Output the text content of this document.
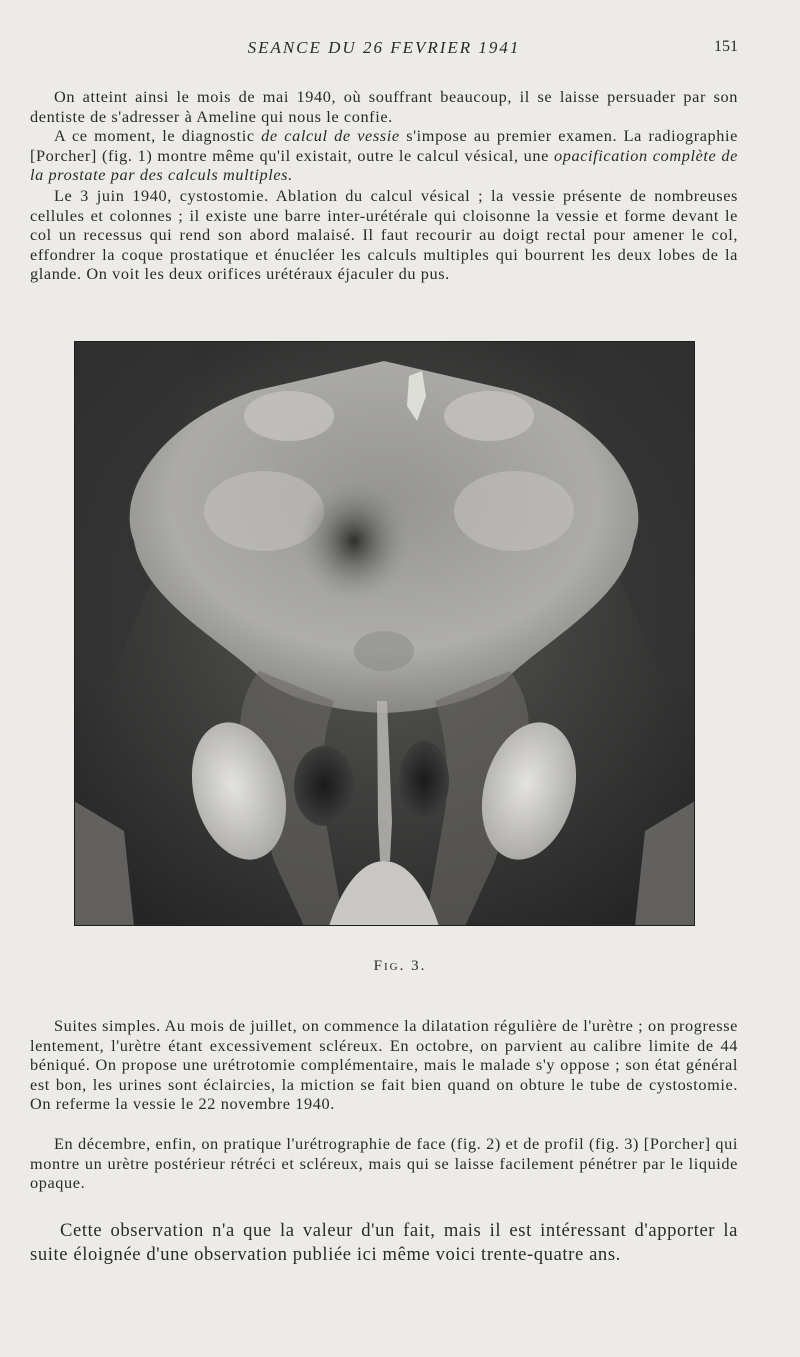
SEANCE DU 26 FEVRIER 1941	151

On atteint ainsi le mois de mai 1940, où souffrant beaucoup, il se laisse persuader par son dentiste de s'adresser à Ameline qui nous le confie.

A ce moment, le diagnostic de calcul de vessie s'impose au premier examen. La radiographie [Porcher] (fig. 1) montre même qu'il existait, outre le calcul vésical, une opacification complète de la prostate par des calculs multiples.

Le 3 juin 1940, cystostomie. Ablation du calcul vésical ; la vessie présente de nombreuses cellules et colonnes ; il existe une barre inter-urétérale qui cloisonne la vessie et forme devant le col un recessus qui rend son abord malaisé. Il faut recourir au doigt rectal pour amener le col, effondrer la coque prostatique et énucléer les calculs multiples qui bourrent les deux lobes de la glande. On voit les deux orifices urétéraux éjaculer du pus.

Fig. 3.

Suites simples. Au mois de juillet, on commence la dilatation régulière de l'urètre ; on progresse lentement, l'urètre étant excessivement scléreux. En octobre, on parvient au calibre limite de 44 béniqué. On propose une urétrotomie complémentaire, mais le malade s'y oppose ; son état général est bon, les urines sont éclaircies, la miction se fait bien quand on obture le tube de cystostomie. On referme la vessie le 22 novembre 1940.

En décembre, enfin, on pratique l'urétrographie de face (fig. 2) et de profil (fig. 3) [Porcher] qui montre un urètre postérieur rétréci et scléreux, mais qui se laisse facilement pénétrer par le liquide opaque.

Cette observation n'a que la valeur d'un fait, mais il est intéressant d'apporter la suite éloignée d'une observation publiée ici même voici trente-quatre ans.
